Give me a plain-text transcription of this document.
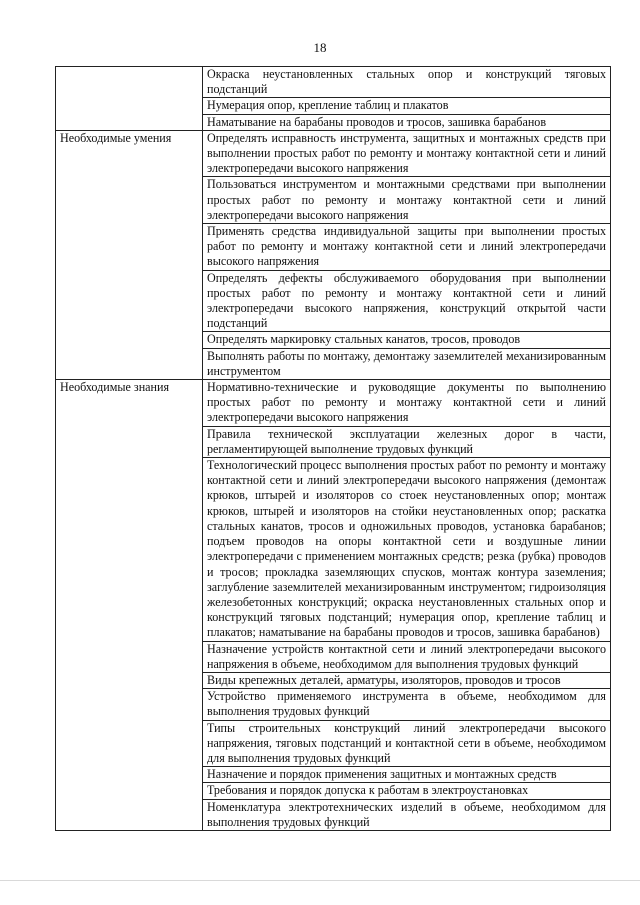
18
	Окраска неустановленных стальных опор и конструкций тяговых подстанций
	Нумерация опор, крепление таблиц и плакатов
	Наматывание на барабаны проводов и тросов, зашивка барабанов
Необходимые умения	Определять исправность инструмента, защитных и монтажных средств при выполнении простых работ по ремонту и монтажу контактной сети и линий электропередачи высокого напряжения
	Пользоваться инструментом и монтажными средствами при выполнении простых работ по ремонту и монтажу контактной сети и линий электропередачи высокого напряжения
	Применять средства индивидуальной защиты при выполнении простых работ по ремонту и монтажу контактной сети и линий электропередачи высокого напряжения
	Определять дефекты обслуживаемого оборудования при выполнении простых работ по ремонту и монтажу контактной сети и линий электропередачи высокого напряжения, конструкций открытой части подстанций
	Определять маркировку стальных канатов, тросов, проводов
	Выполнять работы по монтажу, демонтажу заземлителей механизированным инструментом
Необходимые знания	Нормативно-технические и руководящие документы по выполнению простых работ по ремонту и монтажу контактной сети и линий электропередачи высокого напряжения
	Правила технической эксплуатации железных дорог в части, регламентирующей выполнение трудовых функций
	Технологический процесс выполнения простых работ по ремонту и монтажу контактной сети и линий электропередачи высокого напряжения (демонтаж крюков, штырей и изоляторов со стоек неустановленных опор; монтаж крюков, штырей и изоляторов на стойки неустановленных опор; раскатка стальных канатов, тросов и одножильных проводов, установка барабанов; подъем проводов на опоры контактной сети и воздушные линии электропередачи с применением монтажных средств; резка (рубка) проводов и тросов; прокладка заземляющих спусков, монтаж контура заземления; заглубление заземлителей механизированным инструментом; гидроизоляция железобетонных конструкций; окраска неустановленных стальных опор и конструкций тяговых подстанций; нумерация опор, крепление таблиц и плакатов; наматывание на барабаны проводов и тросов, зашивка барабанов)
	Назначение устройств контактной сети и линий электропередачи высокого напряжения в объеме, необходимом для выполнения трудовых функций
	Виды крепежных деталей, арматуры, изоляторов, проводов и тросов
	Устройство применяемого инструмента в объеме, необходимом для выполнения трудовых функций
	Типы строительных конструкций линий электропередачи высокого напряжения, тяговых подстанций и контактной сети в объеме, необходимом для выполнения трудовых функций
	Назначение и порядок применения защитных и монтажных средств
	Требования и порядок допуска к работам в электроустановках
	Номенклатура электротехнических изделий в объеме, необходимом для выполнения трудовых функций
